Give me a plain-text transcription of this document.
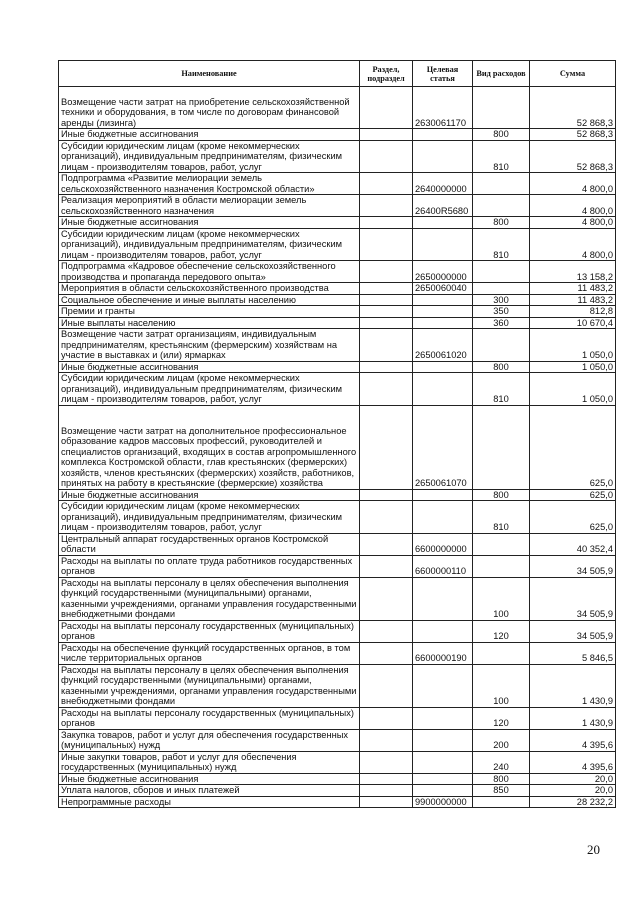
Наименование	Раздел, подраздел	Целевая статья	Вид расходов	Сумма
Возмещение части затрат на приобретение сельскохозяйственной техники и оборудования, в том числе по договорам финансовой аренды (лизинга)		2630061170		52 868,3
Иные бюджетные ассигнования			800	52 868,3
Субсидии юридическим лицам (кроме некоммерческих организаций), индивидуальным предпринимателям, физическим лицам - производителям товаров, работ, услуг			810	52 868,3
Подпрограмма «Развитие мелиорации земель сельскохозяйственного назначения Костромской области»		2640000000		4 800,0
Реализация мероприятий в области мелиорации земель сельскохозяйственного назначения		26400R5680		4 800,0
Иные бюджетные ассигнования			800	4 800,0
Субсидии юридическим лицам (кроме некоммерческих организаций), индивидуальным предпринимателям, физическим лицам - производителям товаров, работ, услуг			810	4 800,0
Подпрограмма «Кадровое обеспечение сельскохозяйственного производства и пропаганда передового опыта»		2650000000		13 158,2
Мероприятия в области сельскохозяйственного производства		2650060040		11 483,2
Социальное обеспечение и иные выплаты населению			300	11 483,2
Премии и гранты			350	812,8
Иные выплаты населению			360	10 670,4
Возмещение части затрат организациям, индивидуальным предпринимателям, крестьянским (фермерским) хозяйствам на участие в выставках и (или) ярмарках		2650061020		1 050,0
Иные бюджетные ассигнования			800	1 050,0
Субсидии юридическим лицам (кроме некоммерческих организаций), индивидуальным предпринимателям, физическим лицам - производителям товаров, работ, услуг			810	1 050,0
Возмещение части затрат на дополнительное профессиональное образование кадров массовых профессий, руководителей и специалистов организаций, входящих в состав агропромышленного комплекса Костромской области, глав крестьянских (фермерских) хозяйств, членов крестьянских (фермерских) хозяйств, работников, принятых на работу в крестьянские (фермерские) хозяйства		2650061070		625,0
Иные бюджетные ассигнования			800	625,0
Субсидии юридическим лицам (кроме некоммерческих организаций), индивидуальным предпринимателям, физическим лицам - производителям товаров, работ, услуг			810	625,0
Центральный аппарат государственных органов Костромской области		6600000000		40 352,4
Расходы на выплаты по оплате труда работников государственных органов		6600000110		34 505,9
Расходы на выплаты персоналу в целях обеспечения выполнения функций государственными (муниципальными) органами, казенными учреждениями, органами управления государственными внебюджетными фондами			100	34 505,9
Расходы на выплаты персоналу государственных (муниципальных) органов			120	34 505,9
Расходы на обеспечение функций государственных органов, в том числе территориальных органов		6600000190		5 846,5
Расходы на выплаты персоналу в целях обеспечения выполнения функций государственными (муниципальными) органами, казенными учреждениями, органами управления государственными внебюджетными фондами			100	1 430,9
Расходы на выплаты персоналу государственных (муниципальных) органов			120	1 430,9
Закупка товаров, работ и услуг для обеспечения государственных (муниципальных) нужд			200	4 395,6
Иные закупки товаров, работ и услуг для обеспечения государственных (муниципальных) нужд			240	4 395,6
Иные бюджетные ассигнования			800	20,0
Уплата налогов, сборов и иных платежей			850	20,0
Непрограммные расходы		9900000000		28 232,2
20
